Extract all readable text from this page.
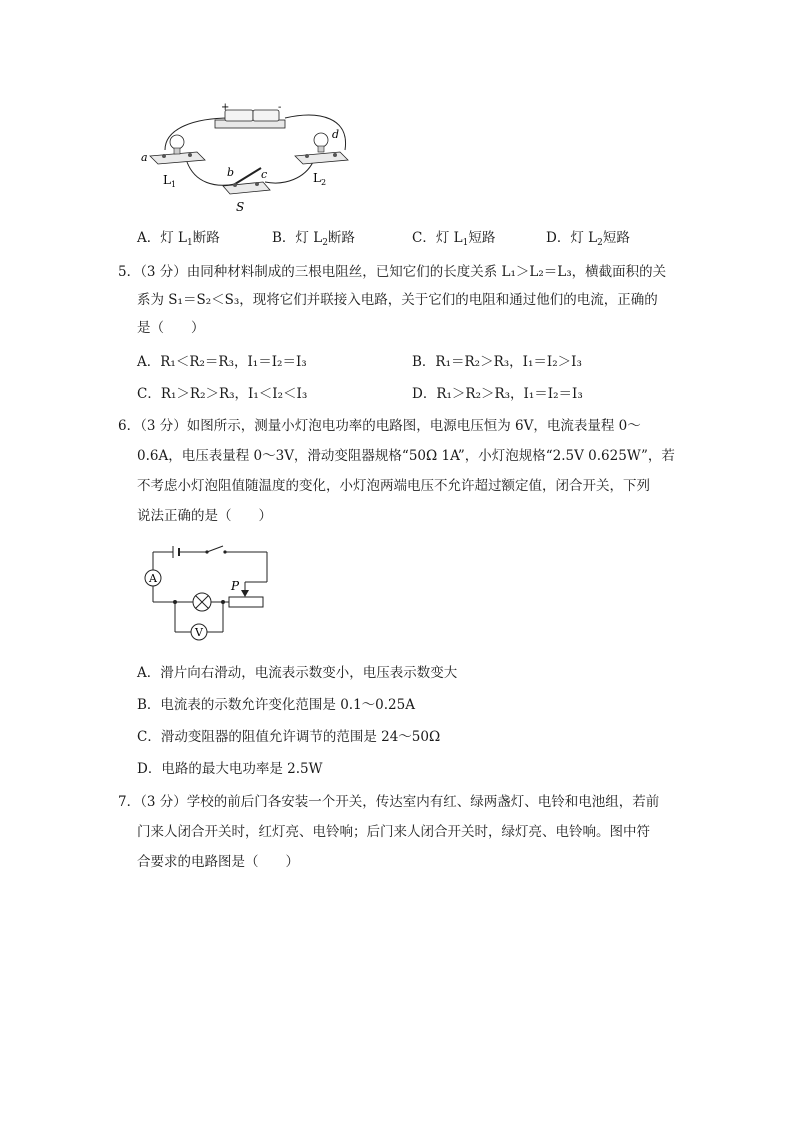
+	-
a
$L_1$
d
$L_2$
b c
S
A．灯 $L_1$断路	B．灯 $L_2$断路	C．灯 $L_1$短路	D．灯 $L_2$短路
5．（3 分）由同种材料制成的三根电阻丝，已知它们的长度关系 L₁＞L₂＝L₃，横截面积的关
系为 S₁＝S₂＜S₃，现将它们并联接入电路，关于它们的电阻和通过他们的电流，正确的
是（　　）
A．R₁＜R₂＝R₃，I₁＝I₂＝I₃	B．R₁＝R₂＞R₃，I₁＝I₂＞I₃
C．R₁＞R₂＞R₃，I₁＜I₂＜I₃	D．R₁＞R₂＞R₃，I₁＝I₂＝I₃
6．（3 分）如图所示，测量小灯泡电功率的电路图，电源电压恒为 6V，电流表量程 0～
0.6A，电压表量程 0～3V，滑动变阻器规格“50Ω 1A”，小灯泡规格“2.5V 0.625W”，若
不考虑小灯泡阻值随温度的变化，小灯泡两端电压不允许超过额定值，闭合开关，下列
说法正确的是（　　）
A
V
P
A．滑片向右滑动，电流表示数变小，电压表示数变大
B．电流表的示数允许变化范围是 0.1～0.25A
C．滑动变阻器的阻值允许调节的范围是 24～50Ω
D．电路的最大电功率是 2.5W
7．（3 分）学校的前后门各安装一个开关，传达室内有红、绿两盏灯、电铃和电池组，若前
门来人闭合开关时，红灯亮、电铃响；后门来人闭合开关时，绿灯亮、电铃响。图中符
合要求的电路图是（　　）
